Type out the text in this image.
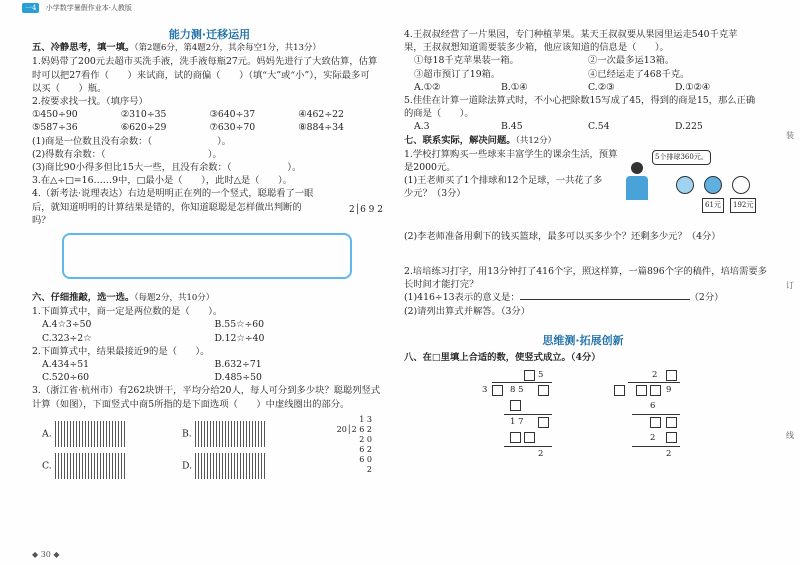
一4 小学数学暑假作业本·人教版
能力测·迁移运用
五、冷静思考，填一填。（第2题6分，第4题2分，其余每空1分，共13分）
1.妈妈带了200元去超市买洗手液，洗手液每瓶27元。妈妈先进行了大致估算，估算
时可以把27看作（　　）来试商，试的商偏（　　）（填“大”或“小”），实际最多可
以买（　　）瓶。
2.按要求找一找。（填序号）
①450÷90	②310÷35	③640÷37	④462÷22
⑤587÷36	⑥620÷29	⑦630÷70	⑧884÷34
(1)商是一位数且没有余数：（　　　　　　　）。
(2)得数有余数：（　　　　　　　　　　　）。
(3)商比90小得多但比15大一些，且没有余数：（　　　　　　）。
3.在△÷□=16……9中，□最小是（　　），此时△是（　　）。
4.（新考法·说理表达）右边是明明正在列的一个竖式，聪聪看了一眼
后，就知道明明的计算结果是错的，你知道聪聪是怎样做出判断的
吗？
2│6 9 2
六、仔细推敲，选一选。（每题2分，共10分）
1.下面算式中，商一定是两位数的是（　　）。
A.4☆3÷50	B.55☆÷60
C.323÷2☆	D.12☆÷40
2.下面算式中，结果最接近9的是（　　）。
A.434÷51	B.632÷71
C.520÷60	D.485÷50
3.（浙江省·杭州市）有262块饼干，平均分给20人，每人可分到多少块？聪聪列竖式
计算（如图），下面竖式中商5所指的是下面选项（　　）中虚线圈出的部分。
A.	B.
C.	D.
1 3
20│2 6 2
2 0
6 2
6 0
2
◆ 30 ◆
4.王叔叔经营了一片果园，专门种植苹果。某天王叔叔要从果园里运走540千克苹
果，王叔叔想知道需要装多少箱，他应该知道的信息是（　　）。
①每18千克苹果装一箱。	②一次最多运13箱。
③超市预订了19箱。	④已经运走了468千克。
A.①②	B.①④	C.②③	D.①②④
5.佳佳在计算一道除法算式时，不小心把除数15写成了45，得到的商是15，那么正确
的商是（　　）。
A.3	B.45	C.54	D.225
七、联系实际，解决问题。（共12分）
1.学校打算购买一些球来丰富学生的课余生活，预算
是2000元。
(1)王老师买了1个排球和12个足球，一共花了多
少元？（3分）
5个排球360元。
61元	192元
(2)李老师准备用剩下的钱买篮球，最多可以买多少个？还剩多少元？（4分）
2.培培练习打字，用13分钟打了416个字，照这样算，一篇896个字的稿件，培培需要多
长时间才能打完？
(1)416÷13表示的意义是：	（2分）
(2)请列出算式并解答。（3分）
思维测·拓展创新
八、在□里填上合适的数，使竖式成立。（4分）
5
3	8 5
1 7
2
2
9
6
2
2
装
订
线
